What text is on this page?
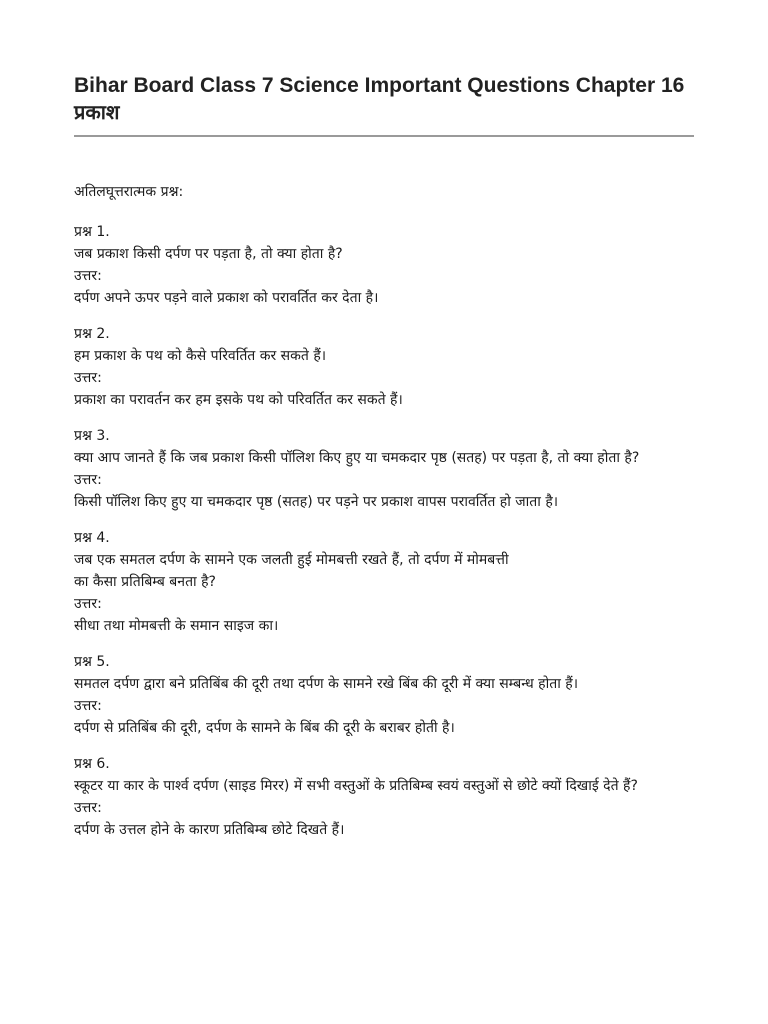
Bihar Board Class 7 Science Important Questions Chapter 16
प्रकाश

अतिलघूत्तरात्मक प्रश्न:

प्रश्न 1.
जब प्रकाश किसी दर्पण पर पड़ता है, तो क्या होता है?
उत्तर:
दर्पण अपने ऊपर पड़ने वाले प्रकाश को परावर्तित कर देता है।
प्रश्न 2.
हम प्रकाश के पथ को कैसे परिवर्तित कर सकते हैं।
उत्तर:
प्रकाश का परावर्तन कर हम इसके पथ को परिवर्तित कर सकते हैं।
प्रश्न 3.
क्या आप जानते हैं कि जब प्रकाश किसी पॉलिश किए हुए या चमकदार पृष्ठ (सतह) पर पड़ता है, तो क्या होता है?
उत्तर:
किसी पॉलिश किए हुए या चमकदार पृष्ठ (सतह) पर पड़ने पर प्रकाश वापस परावर्तित हो जाता है।
प्रश्न 4.
जब एक समतल दर्पण के सामने एक जलती हुई मोमबत्ती रखते हैं, तो दर्पण में मोमबत्ती का कैसा प्रतिबिम्ब बनता है?
उत्तर:
सीधा तथा मोमबत्ती के समान साइज का।
प्रश्न 5.
समतल दर्पण द्वारा बने प्रतिबिंब की दूरी तथा दर्पण के सामने रखे बिंब की दूरी में क्या सम्बन्ध होता हैं।
उत्तर:
दर्पण से प्रतिबिंब की दूरी, दर्पण के सामने के बिंब की दूरी के बराबर होती है।
प्रश्न 6.
स्कूटर या कार के पार्श्व दर्पण (साइड मिरर) में सभी वस्तुओं के प्रतिबिम्ब स्वयं वस्तुओं से छोटे क्यों दिखाई देते हैं?
उत्तर:
दर्पण के उत्तल होने के कारण प्रतिबिम्ब छोटे दिखते हैं।
